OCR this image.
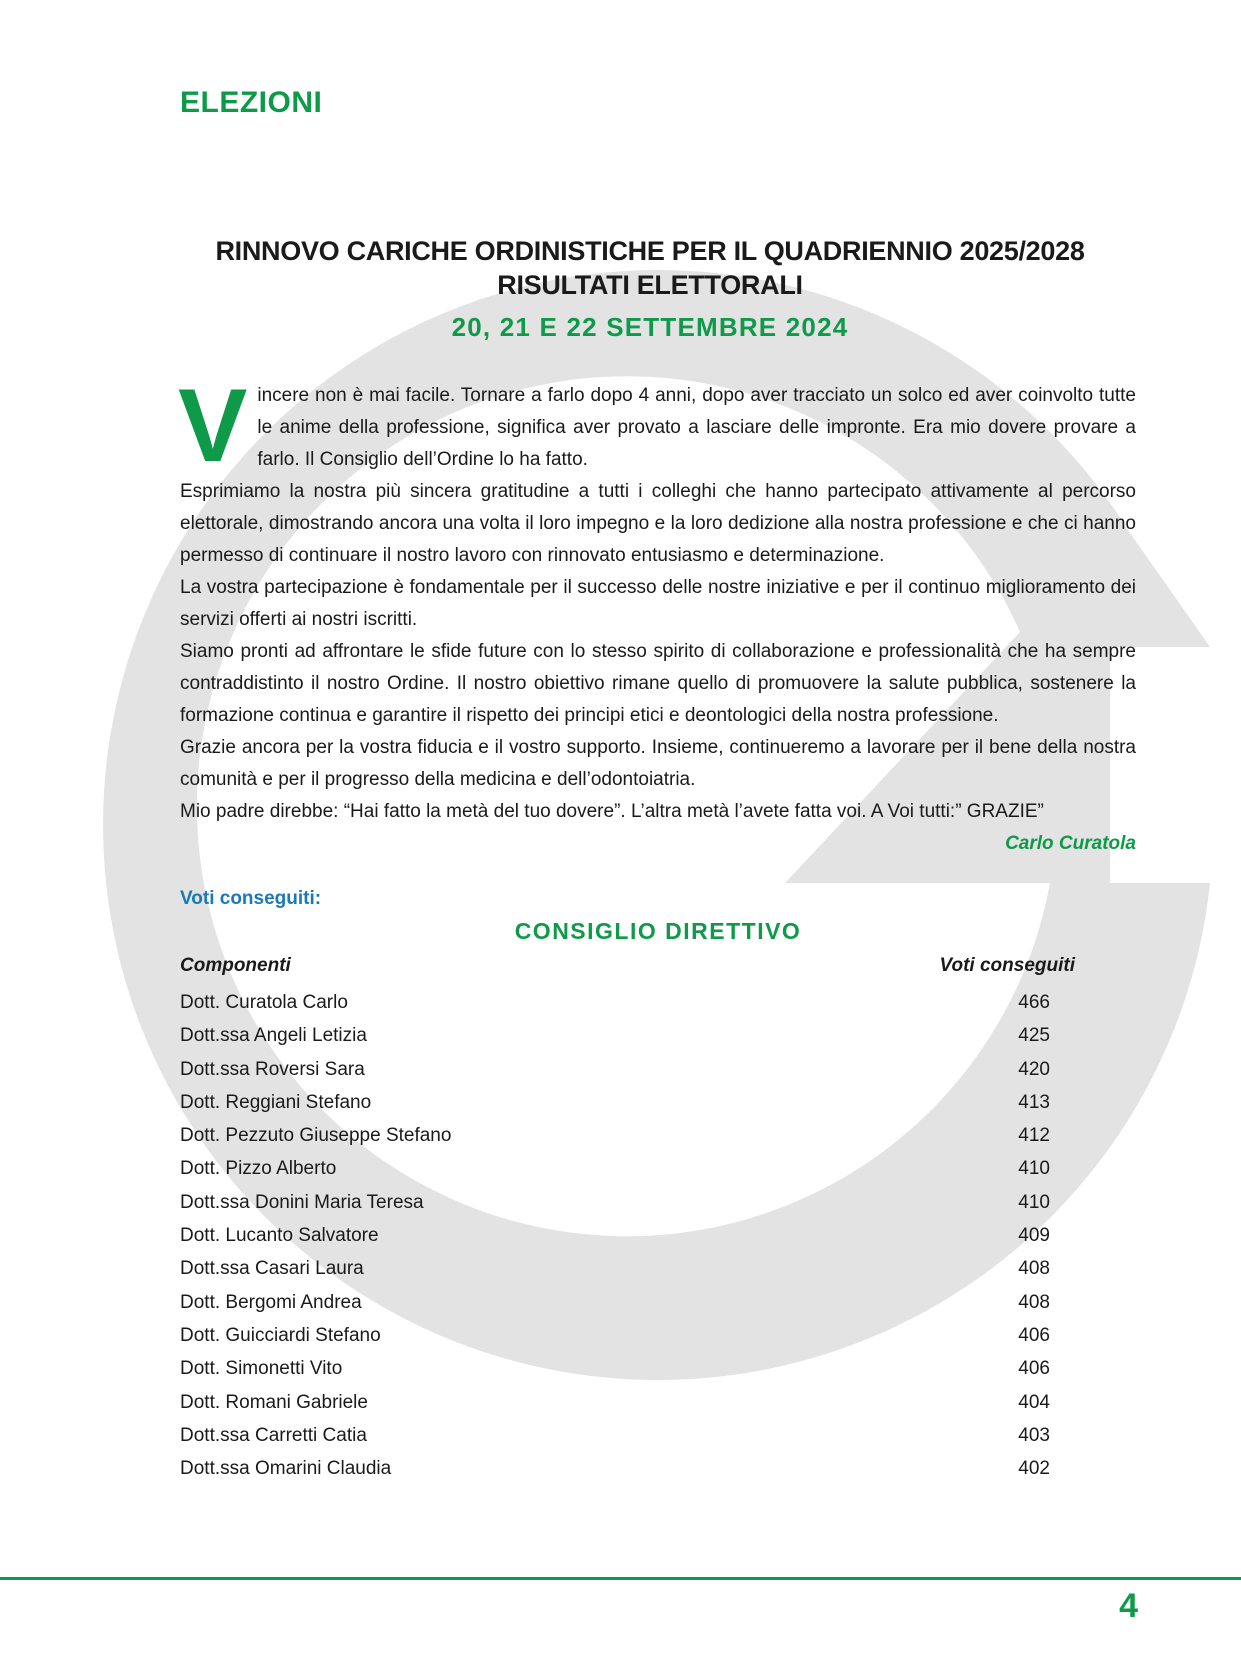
ELEZIONI
RINNOVO CARICHE ORDINISTICHE PER IL QUADRIENNIO 2025/2028
RISULTATI ELETTORALI
20, 21 E 22 SETTEMBRE 2024
V incere non è mai facile. Tornare a farlo dopo 4 anni, dopo aver tracciato un solco ed aver coinvolto tutte le anime della professione, significa aver provato a lasciare delle impronte. Era mio dovere provare a farlo. Il Consiglio dell’Ordine lo ha fatto.

Esprimiamo la nostra più sincera gratitudine a tutti i colleghi che hanno partecipato attivamente al percorso elettorale, dimostrando ancora una volta il loro impegno e la loro dedizione alla nostra professione e che ci hanno permesso di continuare il nostro lavoro con rinnovato entusiasmo e determinazione.

La vostra partecipazione è fondamentale per il successo delle nostre iniziative e per il continuo miglioramento dei servizi offerti ai nostri iscritti.

Siamo pronti ad affrontare le sfide future con lo stesso spirito di collaborazione e professionalità che ha sempre contraddistinto il nostro Ordine. Il nostro obiettivo rimane quello di promuovere la salute pubblica, sostenere la formazione continua e garantire il rispetto dei principi etici e deontologici della nostra professione.

Grazie ancora per la vostra fiducia e il vostro supporto. Insieme, continueremo a lavorare per il bene della nostra comunità e per il progresso della medicina e dell’odontoiatria.

Mio padre direbbe: “Hai fatto la metà del tuo dovere”. L’altra metà l’avete fatta voi. A Voi tutti:” GRAZIE”

Carlo Curatola
Voti conseguiti:
CONSIGLIO DIRETTIVO
Componenti	Voti conseguiti
Dott. Curatola Carlo	466
Dott.ssa Angeli Letizia	425
Dott.ssa Roversi Sara	420
Dott. Reggiani Stefano	413
Dott. Pezzuto Giuseppe Stefano	412
Dott. Pizzo Alberto	410
Dott.ssa Donini Maria Teresa	410
Dott. Lucanto Salvatore	409
Dott.ssa Casari Laura	408
Dott. Bergomi Andrea	408
Dott. Guicciardi Stefano	406
Dott. Simonetti Vito	406
Dott. Romani Gabriele	404
Dott.ssa Carretti Catia	403
Dott.ssa Omarini Claudia	402
4
